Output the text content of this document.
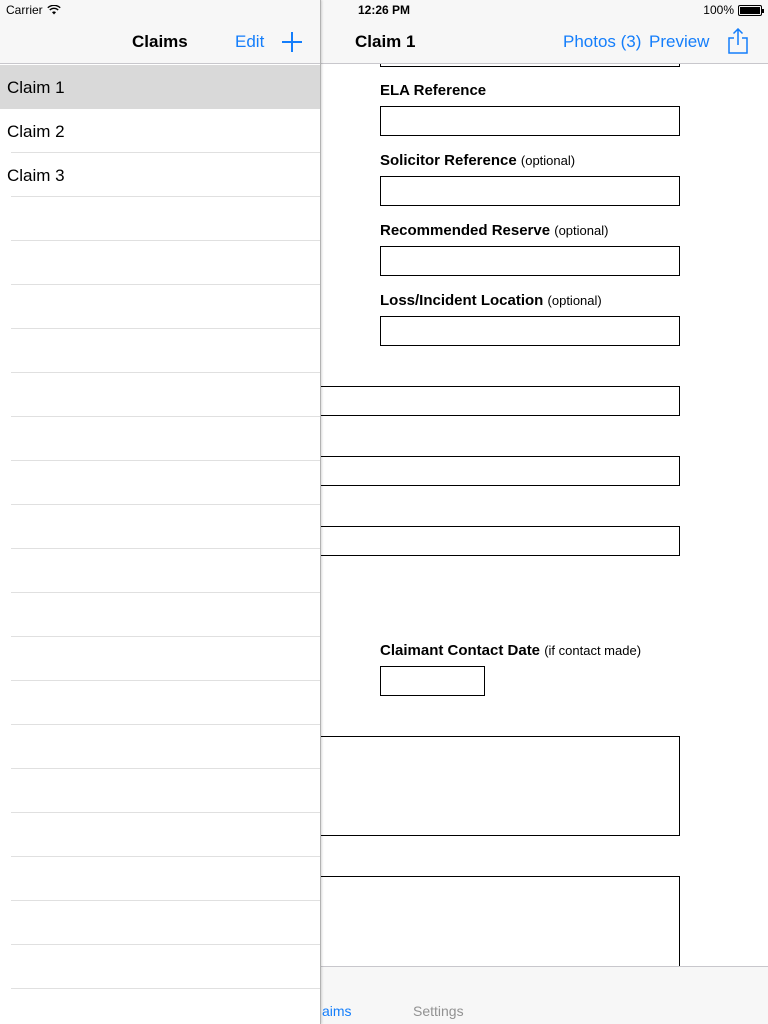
Carrier	12:26 PM	100%
Claim 1	Photos (3) Preview
ELA Reference
Solicitor Reference (optional)
Recommended Reserve (optional)
Loss/Incident Location (optional)
Claimant Contact Date (if contact made)
aims	Settings
Claims	Edit
Claim 1
Claim 2
Claim 3
